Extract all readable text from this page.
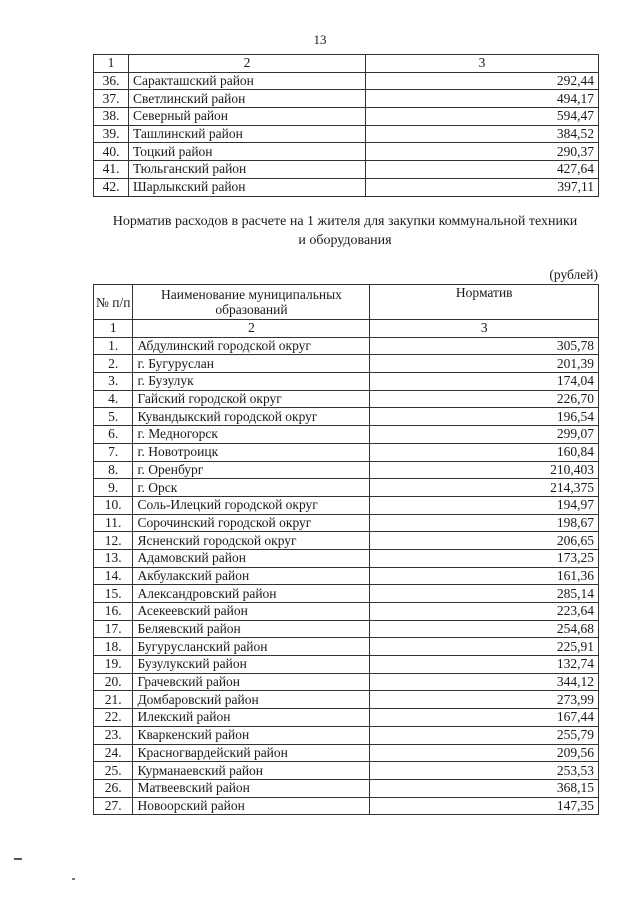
13
1	2	3
36.	Саракташский район	292,44
37.	Светлинский район	494,17
38.	Северный район	594,47
39.	Ташлинский район	384,52
40.	Тоцкий район	290,37
41.	Тюльганский район	427,64
42.	Шарлыкский район	397,11
Норматив расходов в расчете на 1 жителя для закупки коммунальной техники и оборудования
(рублей)
№ п/п	Наименование муниципальных образований	Норматив
1	2	3
1.	Абдулинский городской округ	305,78
2.	г. Бугуруслан	201,39
3.	г. Бузулук	174,04
4.	Гайский городской округ	226,70
5.	Кувандыкский городской округ	196,54
6.	г. Медногорск	299,07
7.	г. Новотроицк	160,84
8.	г. Оренбург	210,403
9.	г. Орск	214,375
10.	Соль-Илецкий городской округ	194,97
11.	Сорочинский городской округ	198,67
12.	Ясненский городской округ	206,65
13.	Адамовский район	173,25
14.	Акбулакский район	161,36
15.	Александровский район	285,14
16.	Асекеевский район	223,64
17.	Беляевский район	254,68
18.	Бугурусланский район	225,91
19.	Бузулукский район	132,74
20.	Грачевский район	344,12
21.	Домбаровский район	273,99
22.	Илекский район	167,44
23.	Кваркенский район	255,79
24.	Красногвардейский район	209,56
25.	Курманаевский район	253,53
26.	Матвеевский район	368,15
27.	Новоорский район	147,35
